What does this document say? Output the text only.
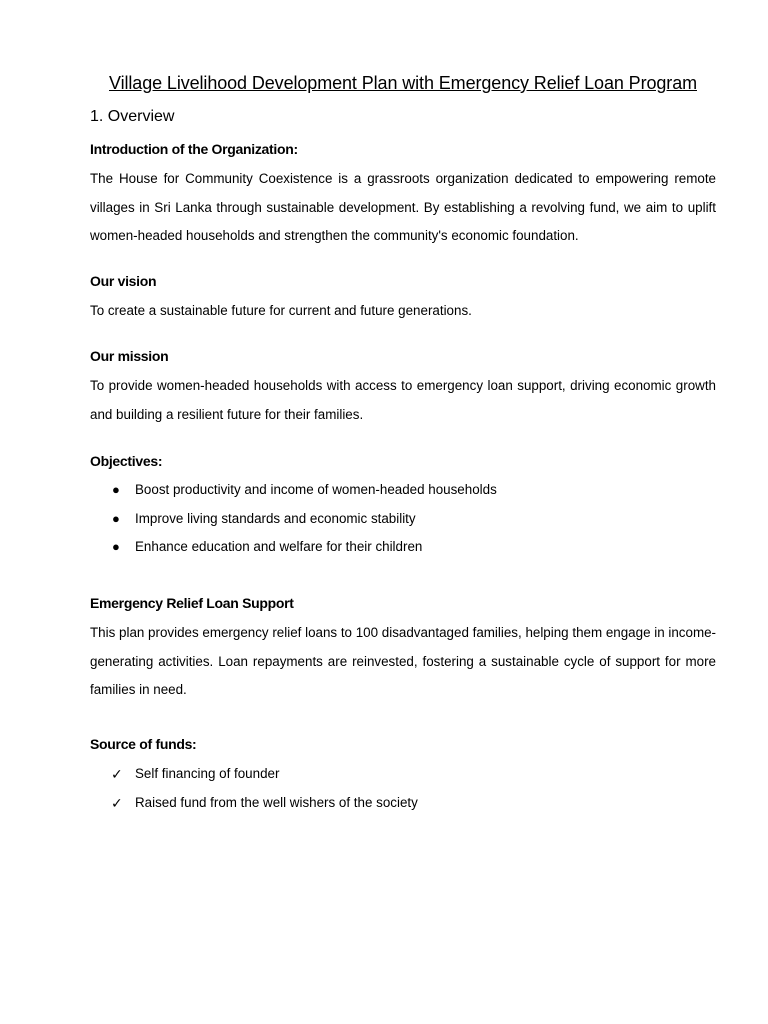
Village Livelihood Development Plan with Emergency Relief Loan Program
1. Overview
Introduction of the Organization:

The House for Community Coexistence is a grassroots organization dedicated to empowering remote villages in Sri Lanka through sustainable development. By establishing a revolving fund, we aim to uplift women-headed households and strengthen the community's economic foundation.

Our vision

To create a sustainable future for current and future generations.

Our mission

To provide women-headed households with access to emergency loan support, driving economic growth and building a resilient future for their families.

Objectives:
● Boost productivity and income of women-headed households
● Improve living standards and economic stability
● Enhance education and welfare for their children
Emergency Relief Loan Support

This plan provides emergency relief loans to 100 disadvantaged families, helping them engage in income-generating activities. Loan repayments are reinvested, fostering a sustainable cycle of support for more families in need.

Source of funds:
✓ Self financing of founder
✓ Raised fund from the well wishers of the society
